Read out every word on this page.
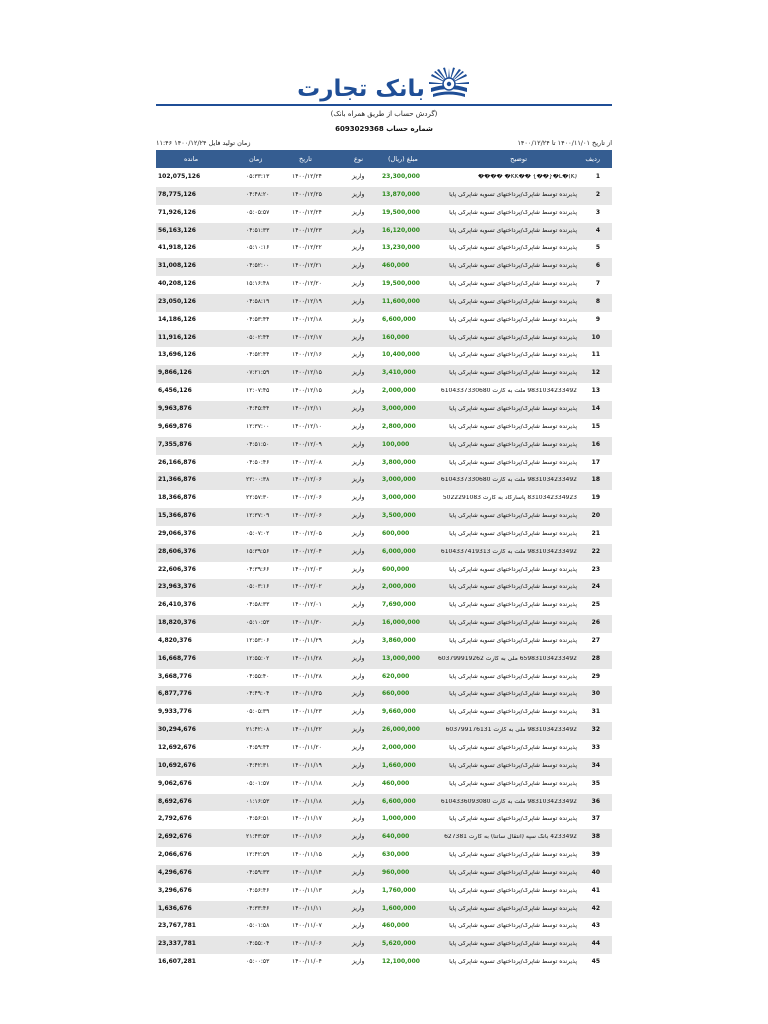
بانک تجارت
(گردش حساب از طریق همراه بانک)
شماره حساب 6093029368
از تاریخ ۱۴۰۰/۱۱/۰۱ تا ۱۴۰۰/۱۲/۲۴
زمان تولید فایل ۱۴۰۰/۱۲/۲۴ ۱۱:۴۶
ردیف
توضیح
مبلغ (ریال)
نوع
تاریخ
زمان
مانده
1
KK�� {��}�L�(K)� ����
23,300,000
واریز
۱۴۰۰/۱۲/۲۴
۰۵:۳۳:۱۳
102,075,126
2
پذیرنده توسط شاپرک/پرداختهای تسویه شاپرکی پایا
13,870,000
واریز
۱۴۰۰/۱۲/۲۵
۰۴:۴۸:۲۰
78,775,126
3
پذیرنده توسط شاپرک/پرداختهای تسویه شاپرکی پایا
19,500,000
واریز
۱۴۰۰/۱۲/۲۴
۰۵:۰۵:۵۷
71,926,126
4
پذیرنده توسط شاپرک/پرداختهای تسویه شاپرکی پایا
16,120,000
واریز
۱۴۰۰/۱۲/۲۳
۰۴:۵۱:۳۳
56,163,126
5
پذیرنده توسط شاپرک/پرداختهای تسویه شاپرکی پایا
13,230,000
واریز
۱۴۰۰/۱۲/۲۲
۰۵:۱۰:۱۶
41,918,126
6
پذیرنده توسط شاپرک/پرداختهای تسویه شاپرکی پایا
460,000
واریز
۱۴۰۰/۱۲/۲۱
۰۴:۵۲:۰۰
31,008,126
7
پذیرنده توسط شاپرک/پرداختهای تسویه شاپرکی پایا
19,500,000
واریز
۱۴۰۰/۱۲/۲۰
۱۵:۱۶:۴۸
40,208,126
8
پذیرنده توسط شاپرک/پرداختهای تسویه شاپرکی پایا
11,600,000
واریز
۱۴۰۰/۱۲/۱۹
۰۴:۵۸:۱۹
23,050,126
9
پذیرنده توسط شاپرک/پرداختهای تسویه شاپرکی پایا
6,600,000
واریز
۱۴۰۰/۱۲/۱۸
۰۴:۵۳:۴۴
14,186,126
10
پذیرنده توسط شاپرک/پرداختهای تسویه شاپرکی پایا
160,000
واریز
۱۴۰۰/۱۲/۱۷
۰۵:۰۲:۴۴
11,916,126
11
پذیرنده توسط شاپرک/پرداختهای تسویه شاپرکی پایا
10,400,000
واریز
۱۴۰۰/۱۲/۱۶
۰۴:۵۲:۴۴
13,696,126
12
پذیرنده توسط شاپرک/پرداختهای تسویه شاپرکی پایا
3,410,000
واریز
۱۴۰۰/۱۲/۱۵
۰۷:۲۱:۵۹
9,866,126
13
9831034233492 ملت به کارت 6104337330680
2,000,000
واریز
۱۴۰۰/۱۲/۱۵
۱۲:۰۷:۴۵
6,456,126
14
پذیرنده توسط شاپرک/پرداختهای تسویه شاپرکی پایا
3,000,000
واریز
۱۴۰۰/۱۲/۱۱
۰۴:۴۵:۴۴
9,963,876
15
پذیرنده توسط شاپرک/پرداختهای تسویه شاپرکی پایا
2,800,000
واریز
۱۴۰۰/۱۲/۱۰
۱۲:۳۷:۰۰
9,669,876
16
پذیرنده توسط شاپرک/پرداختهای تسویه شاپرکی پایا
100,000
واریز
۱۴۰۰/۱۲/۰۹
۰۴:۵۱:۵۰
7,355,876
17
پذیرنده توسط شاپرک/پرداختهای تسویه شاپرکی پایا
3,800,000
واریز
۱۴۰۰/۱۲/۰۸
۰۴:۵۰:۴۶
26,166,876
18
9831034233492 ملت به کارت 6104337330680
3,000,000
واریز
۱۴۰۰/۱۲/۰۶
۲۲:۰۰:۳۸
21,366,876
19
8310342334923 پاسارگاد به کارت 5022291083
3,000,000
واریز
۱۴۰۰/۱۲/۰۶
۲۲:۵۷:۳۰
18,366,876
20
پذیرنده توسط شاپرک/پرداختهای تسویه شاپرکی پایا
3,500,000
واریز
۱۴۰۰/۱۲/۰۶
۱۲:۳۷:۰۹
15,366,876
21
پذیرنده توسط شاپرک/پرداختهای تسویه شاپرکی پایا
600,000
واریز
۱۴۰۰/۱۲/۰۵
۰۵:۰۷:۰۲
29,066,376
22
9831034233492 ملت به کارت 6104337419313
6,000,000
واریز
۱۴۰۰/۱۲/۰۴
۱۵:۳۹:۵۶
28,606,376
23
پذیرنده توسط شاپرک/پرداختهای تسویه شاپرکی پایا
600,000
واریز
۱۴۰۰/۱۲/۰۳
۰۴:۳۹:۶۶
22,606,376
24
پذیرنده توسط شاپرک/پرداختهای تسویه شاپرکی پایا
2,000,000
واریز
۱۴۰۰/۱۲/۰۲
۰۵:۰۳:۱۶
23,963,376
25
پذیرنده توسط شاپرک/پرداختهای تسویه شاپرکی پایا
7,690,000
واریز
۱۴۰۰/۱۲/۰۱
۰۴:۵۸:۳۳
26,410,376
26
پذیرنده توسط شاپرک/پرداختهای تسویه شاپرکی پایا
16,000,000
واریز
۱۴۰۰/۱۱/۳۰
۰۵:۱۰:۵۳
18,820,376
27
پذیرنده توسط شاپرک/پرداختهای تسویه شاپرکی پایا
3,860,000
واریز
۱۴۰۰/۱۱/۲۹
۱۲:۵۳:۰۶
4,820,376
28
659831034233492 ملی به کارت 603799919262
13,000,000
واریز
۱۴۰۰/۱۱/۲۸
۱۲:۵۵:۰۲
16,668,776
29
پذیرنده توسط شاپرک/پرداختهای تسویه شاپرکی پایا
620,000
واریز
۱۴۰۰/۱۱/۲۸
۰۴:۵۵:۴۰
3,668,776
30
پذیرنده توسط شاپرک/پرداختهای تسویه شاپرکی پایا
660,000
واریز
۱۴۰۰/۱۱/۲۵
۰۴:۴۹:۰۴
6,877,776
31
پذیرنده توسط شاپرک/پرداختهای تسویه شاپرکی پایا
9,660,000
واریز
۱۴۰۰/۱۱/۲۳
۰۵:۰۵:۳۹
9,933,776
32
9831034233492 ملی به کارت 603799176131
26,000,000
واریز
۱۴۰۰/۱۱/۲۲
۲۱:۴۲:۰۸
30,294,676
33
پذیرنده توسط شاپرک/پرداختهای تسویه شاپرکی پایا
2,000,000
واریز
۱۴۰۰/۱۱/۲۰
۰۴:۵۹:۴۴
12,692,676
34
پذیرنده توسط شاپرک/پرداختهای تسویه شاپرکی پایا
1,660,000
واریز
۱۴۰۰/۱۱/۱۹
۰۴:۴۲:۳۱
10,692,676
35
پذیرنده توسط شاپرک/پرداختهای تسویه شاپرکی پایا
460,000
واریز
۱۴۰۰/۱۱/۱۸
۰۵:۰۱:۵۷
9,062,676
36
9831034233492 ملت به کارت 6104336093080
6,600,000
واریز
۱۴۰۰/۱۱/۱۸
۰۱:۱۶:۵۳
8,692,676
37
پذیرنده توسط شاپرک/پرداختهای تسویه شاپرکی پایا
1,000,000
واریز
۱۴۰۰/۱۱/۱۷
۰۴:۵۶:۵۱
2,792,676
38
4233492 بانک سپه (انتقال ساتنا) به کارت 627381
640,000
واریز
۱۴۰۰/۱۱/۱۶
۲۱:۴۳:۵۳
2,692,676
39
پذیرنده توسط شاپرک/پرداختهای تسویه شاپرکی پایا
630,000
واریز
۱۴۰۰/۱۱/۱۵
۱۲:۴۲:۵۹
2,066,676
40
پذیرنده توسط شاپرک/پرداختهای تسویه شاپرکی پایا
960,000
واریز
۱۴۰۰/۱۱/۱۴
۰۴:۵۹:۳۳
4,296,676
41
پذیرنده توسط شاپرک/پرداختهای تسویه شاپرکی پایا
1,760,000
واریز
۱۴۰۰/۱۱/۱۳
۰۴:۵۶:۴۶
3,296,676
42
پذیرنده توسط شاپرک/پرداختهای تسویه شاپرکی پایا
1,600,000
واریز
۱۴۰۰/۱۱/۱۱
۰۴:۳۳:۴۶
1,636,676
43
پذیرنده توسط شاپرک/پرداختهای تسویه شاپرکی پایا
460,000
واریز
۱۴۰۰/۱۱/۰۷
۰۵:۰۱:۵۸
23,767,781
44
پذیرنده توسط شاپرک/پرداختهای تسویه شاپرکی پایا
5,620,000
واریز
۱۴۰۰/۱۱/۰۶
۰۴:۵۵:۰۴
23,337,781
45
پذیرنده توسط شاپرک/پرداختهای تسویه شاپرکی پایا
12,100,000
واریز
۱۴۰۰/۱۱/۰۴
۰۵:۰۰:۵۳
16,607,281
